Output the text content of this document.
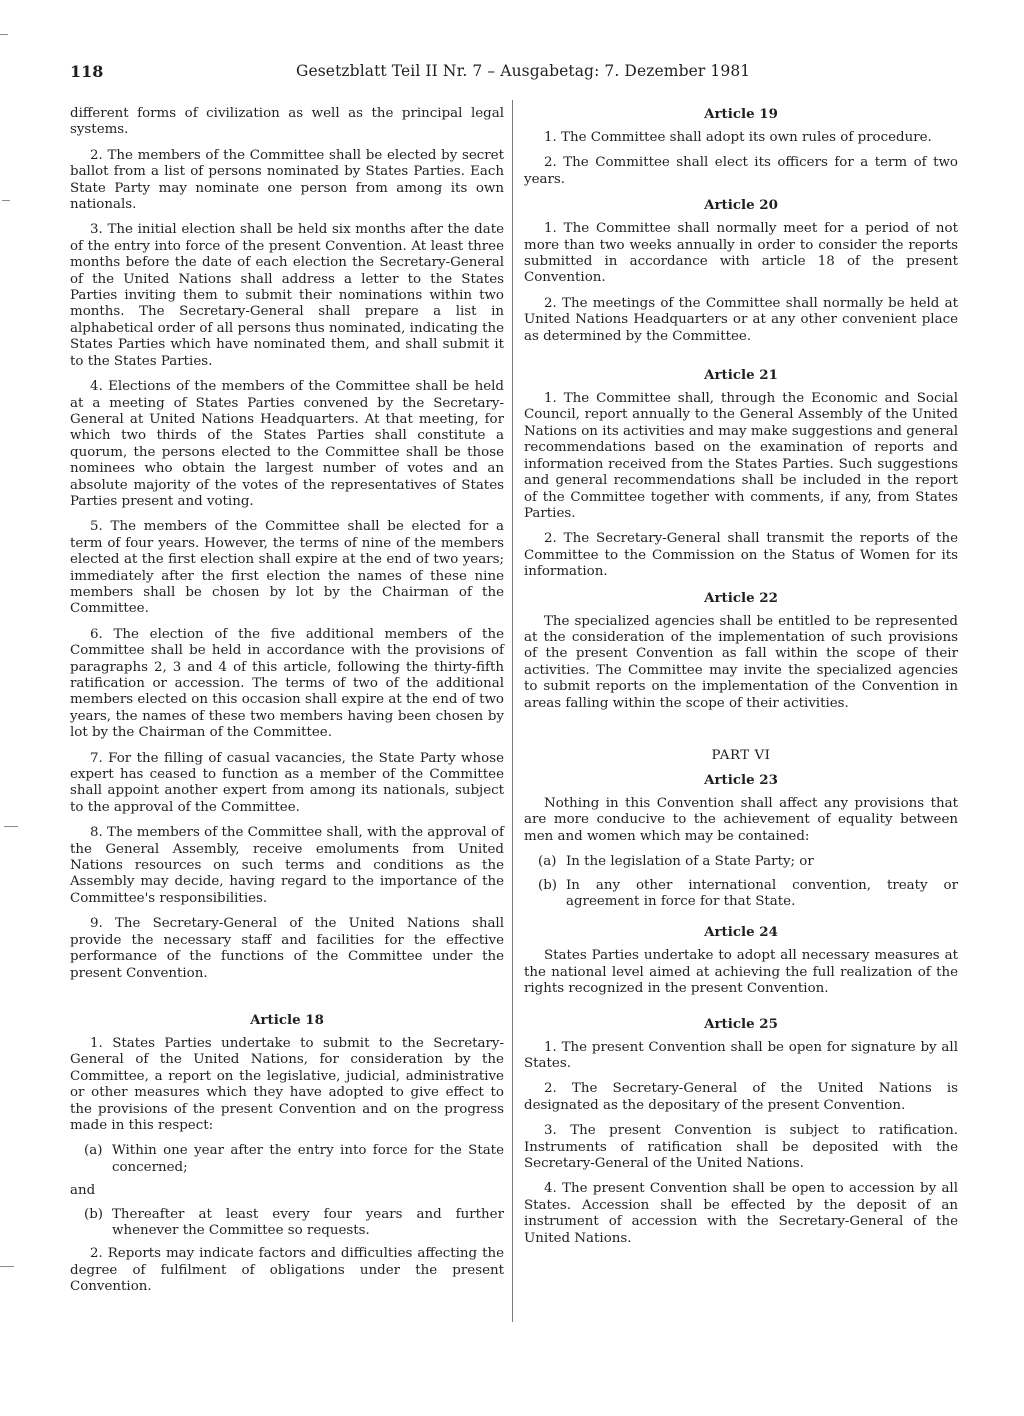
118	Gesetzblatt Teil II Nr. 7 – Ausgabetag: 7. Dezember 1981

different forms of civilization as well as the principal legal systems.

2. The members of the Committee shall be elected by secret ballot from a list of persons nominated by States Parties. Each State Party may nominate one person from among its own nationals.

3. The initial election shall be held six months after the date of the entry into force of the present Convention. At least three months before the date of each election the Secretary-General of the United Nations shall address a letter to the States Parties inviting them to submit their nominations within two months. The Secretary-General shall prepare a list in alphabetical order of all persons thus nominated, indicating the States Parties which have nominated them, and shall submit it to the States Parties.

4. Elections of the members of the Committee shall be held at a meeting of States Parties convened by the Secretary-General at United Nations Headquarters. At that meeting, for which two thirds of the States Parties shall constitute a quorum, the persons elected to the Committee shall be those nominees who obtain the largest number of votes and an absolute majority of the votes of the representatives of States Parties present and voting.

5. The members of the Committee shall be elected for a term of four years. However, the terms of nine of the members elected at the first election shall expire at the end of two years; immediately after the first election the names of these nine members shall be chosen by lot by the Chairman of the Committee.

6. The election of the five additional members of the Committee shall be held in accordance with the provisions of paragraphs 2, 3 and 4 of this article, following the thirty-fifth ratification or accession. The terms of two of the additional members elected on this occasion shall expire at the end of two years, the names of these two members having been chosen by lot by the Chairman of the Committee.

7. For the filling of casual vacancies, the State Party whose expert has ceased to function as a member of the Committee shall appoint another expert from among its nationals, subject to the approval of the Committee.

8. The members of the Committee shall, with the approval of the General Assembly, receive emoluments from United Nations resources on such terms and conditions as the Assembly may decide, having regard to the importance of the Committee's responsibilities.

9. The Secretary-General of the United Nations shall provide the necessary staff and facilities for the effective performance of the functions of the Committee under the present Convention.

Article 18

1. States Parties undertake to submit to the Secretary-General of the United Nations, for consideration by the Committee, a report on the legislative, judicial, administrative or other measures which they have adopted to give effect to the provisions of the present Convention and on the progress made in this respect:

(a) Within one year after the entry into force for the State concerned;
and
(b) Thereafter at least every four years and further whenever the Committee so requests.

2. Reports may indicate factors and difficulties affecting the degree of fulfilment of obligations under the present Convention.

Article 19

1. The Committee shall adopt its own rules of procedure.

2. The Committee shall elect its officers for a term of two years.

Article 20

1. The Committee shall normally meet for a period of not more than two weeks annually in order to consider the reports submitted in accordance with article 18 of the present Convention.

2. The meetings of the Committee shall normally be held at United Nations Headquarters or at any other convenient place as determined by the Committee.

Article 21

1. The Committee shall, through the Economic and Social Council, report annually to the General Assembly of the United Nations on its activities and may make suggestions and general recommendations based on the examination of reports and information received from the States Parties. Such suggestions and general recommendations shall be included in the report of the Committee together with comments, if any, from States Parties.

2. The Secretary-General shall transmit the reports of the Committee to the Commission on the Status of Women for its information.

Article 22

The specialized agencies shall be entitled to be represented at the consideration of the implementation of such provisions of the present Convention as fall within the scope of their activities. The Committee may invite the specialized agencies to submit reports on the implementation of the Convention in areas falling within the scope of their activities.

PART VI
Article 23

Nothing in this Convention shall affect any provisions that are more conducive to the achievement of equality between men and women which may be contained:

(a) In the legislation of a State Party; or
(b) In any other international convention, treaty or agreement in force for that State.
Article 24

States Parties undertake to adopt all necessary measures at the national level aimed at achieving the full realization of the rights recognized in the present Convention.

Article 25

1. The present Convention shall be open for signature by all States.

2. The Secretary-General of the United Nations is designated as the depositary of the present Convention.

3. The present Convention is subject to ratification. Instruments of ratification shall be deposited with the Secretary-General of the United Nations.

4. The present Convention shall be open to accession by all States. Accession shall be effected by the deposit of an instrument of accession with the Secretary-General of the United Nations.
